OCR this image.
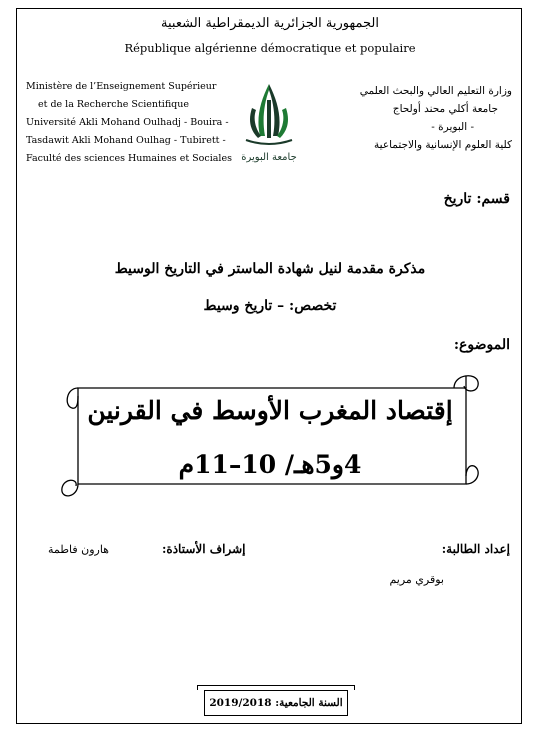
الجمهورية الجزائرية الديمقراطية الشعبية
République algérienne démocratique et populaire
Ministère de l’Enseignement Supérieur
et de la Recherche Scientifique
Université Akli Mohand Oulhadj - Bouira -
Tasdawit Akli Mohand Oulhag - Tubirett -
Faculté des sciences Humaines et Sociales جامعة البويرة
وزارة التعليم العالي والبحث العلمي
جامعة أكلي محند أولحاج
- البويرة -
كلية العلوم الإنسانية والاجتماعية
قسم: تاريخ
مذكرة مقدمة لنيل شهادة الماستر في التاريخ الوسيط
تخصص: – تاريخ وسيط
الموضوع:
إقتصاد المغرب الأوسط في القرنين
4و5هـ/ 10–11م
إعداد الطالبة:
إشراف الأستاذة:  هارون فاطمة
بوقري مريم
السنة الجامعية: 2019/2018
